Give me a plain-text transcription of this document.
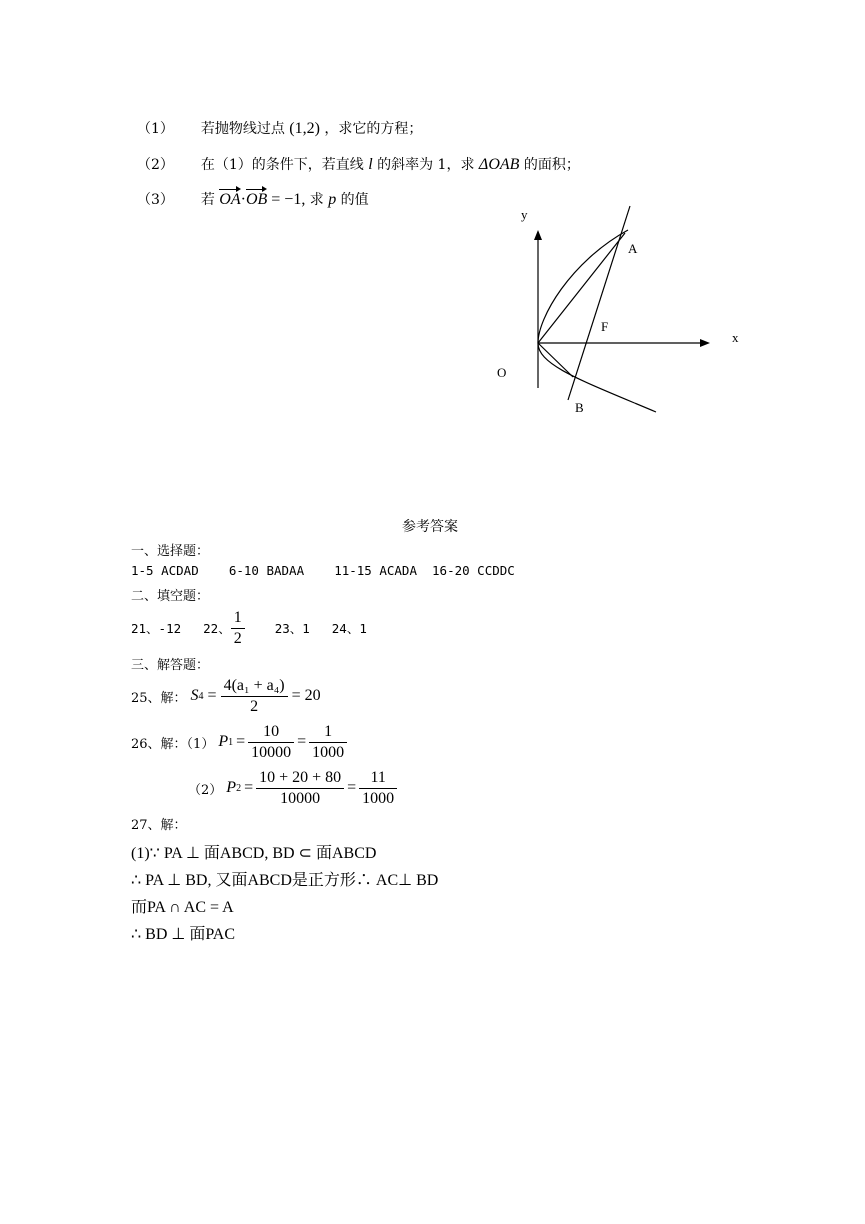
（1） 若抛物线过点 (1,2) ，求它的方程；
（2） 在（1）的条件下，若直线 l 的斜率为 1，求 ΔOAB 的面积；
（3） 若 OA·OB = −1, 求 p 的值
y
x
O
A
B
F
参考答案
一、选择题：
1-5 ACDAD    6-10 BADAA    11-15 ACADA  16-20 CCDDC
二、填空题：
21、-12 22、 $\frac{1}{2} 23$、1 24、1
三、解答题：
25、解： S $4 = \frac{\text{4(a₁ + a₄)}}{2} = 20$
26、解：（1） P $1 = \frac{10}{10000} = \frac{1}{1000}$
（2） P $2 = \frac{10 + 20 + 80}{10000} = \frac{11}{1000}$
27、解：
(1)∵ PA ⊥ 面ABCD, BD ⊂ 面ABCD
∴ PA ⊥ BD, 又面ABCD是正方形∴ AC⊥ BD
而PA ∩ AC = A
∴ BD ⊥ 面PAC
